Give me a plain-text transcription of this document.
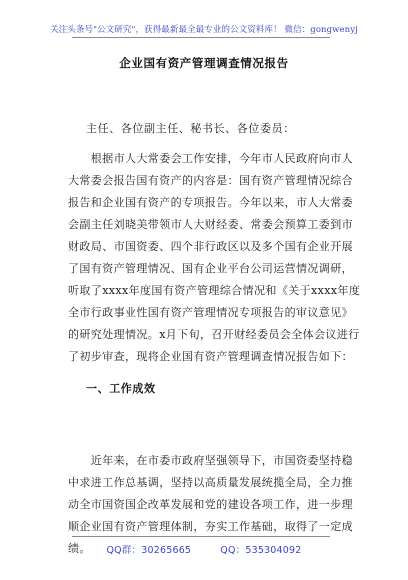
关注头条号"公文研究"，获得最新最全最专业的公文资料库！ 微信：gongwenyj
企业国有资产管理调查情况报告
主任、各位副主任、秘书长、各位委员：
　　根据市人大常委会工作安排，今年市人民政府向市人
大常委会报告国有资产的内容是：国有资产管理情况综合
报告和企业国有资产的专项报告。今年以来，市人大常委
会副主任刘晓美带领市人大财经委、常委会预算工委到市
财政局、市国资委、四个非行政区以及多个国有企业开展
了国有资产管理情况、国有企业平台公司运营情况调研，
听取了xxxx年度国有资产管理综合情况和《关于xxxx年度
全市行政事业性国有资产管理情况专项报告的审议意见》
的研究处理情况。x月下旬，召开财经委员会全体会议进行
了初步审查，现将企业国有资产管理调查情况报告如下：
一、工作成效
　　近年来，在市委市政府坚强领导下，市国资委坚持稳
中求进工作总基调，坚持以高质量发展统揽全局，全力推
动全市国资国企改革发展和党的建设各项工作，进一步理
顺企业国有资产管理体制，夯实工作基础，取得了一定成
绩。	QQ群：30265665　　　QQ：535304092
